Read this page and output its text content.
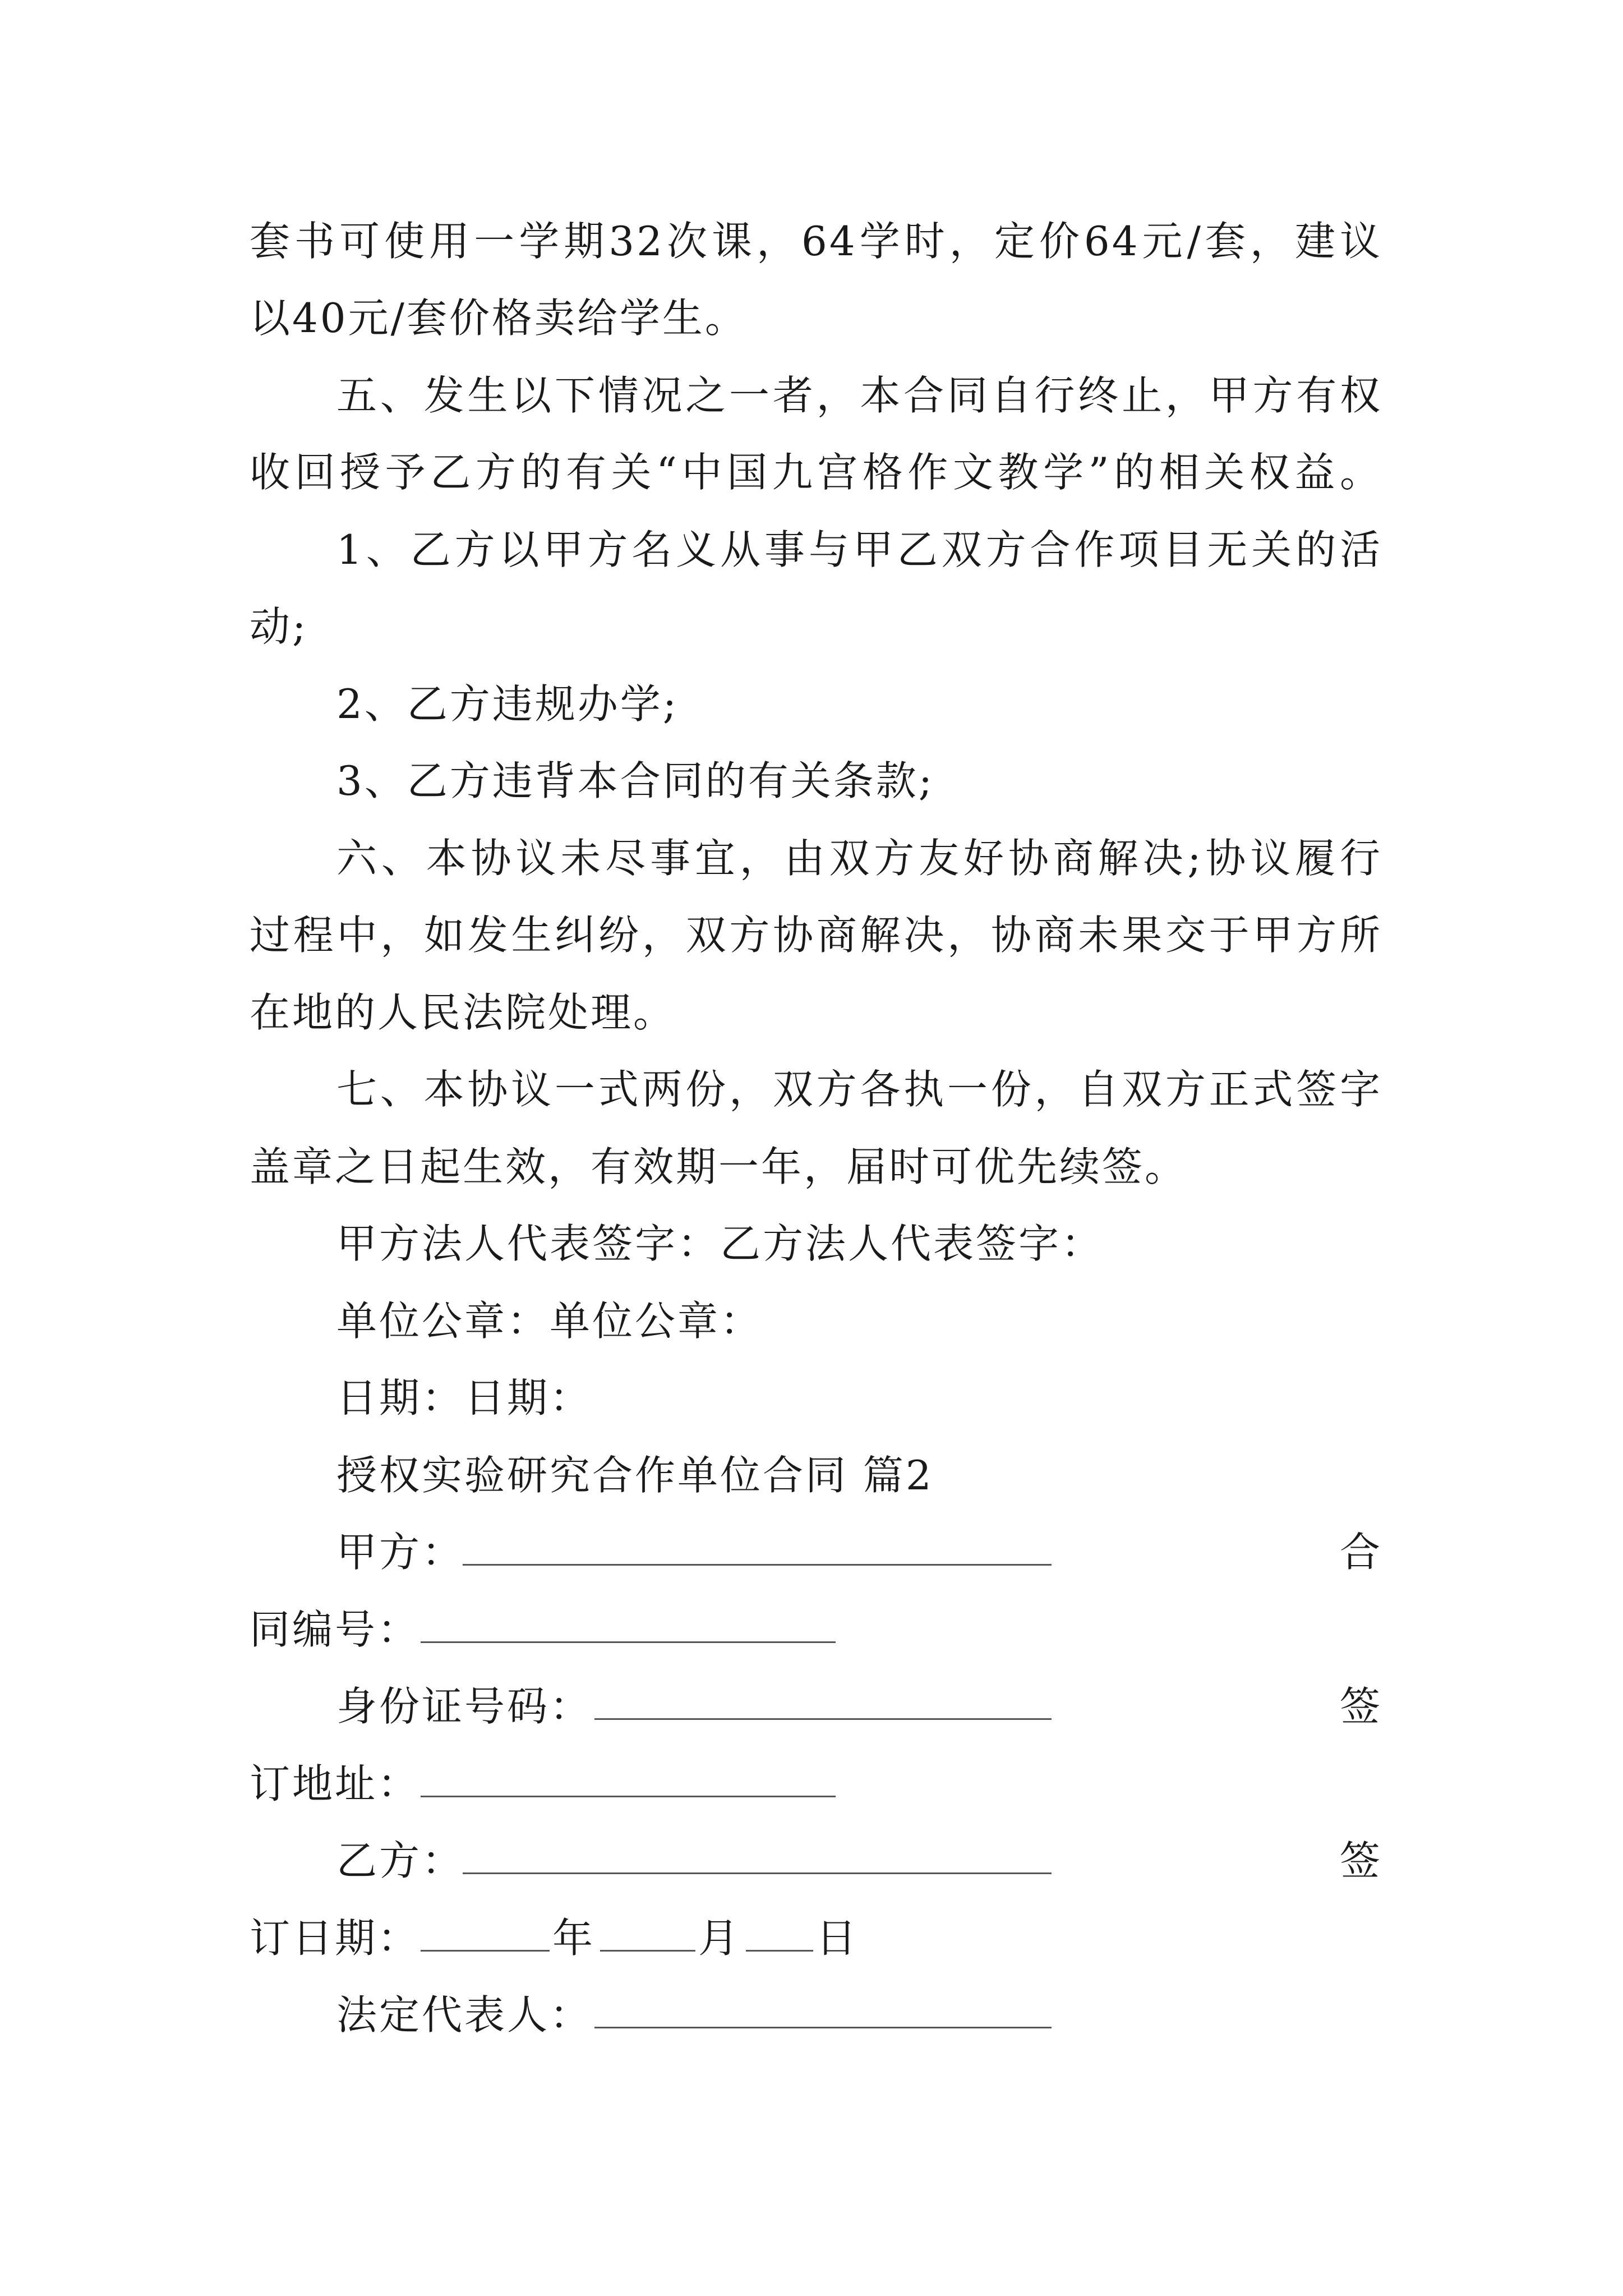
套书可使用一学期32次课，64学时，定价64元/套，建议
以40元/套价格卖给学生。
五、发生以下情况之一者，本合同自行终止，甲方有权
收回授予乙方的有关“中国九宫格作文教学”的相关权益。
1、乙方以甲方名义从事与甲乙双方合作项目无关的活
动;
2、乙方违规办学;
3、乙方违背本合同的有关条款;
六、本协议未尽事宜，由双方友好协商解决;协议履行
过程中，如发生纠纷，双方协商解决，协商未果交于甲方所
在地的人民法院处理。
七、本协议一式两份，双方各执一份，自双方正式签字
盖章之日起生效，有效期一年，届时可优先续签。
甲方法人代表签字：乙方法人代表签字：
单位公章：单位公章：
日期：日期：
授权实验研究合作单位合同 篇2
甲方：	合
同编号：
身份证号码：	签
订地址：
乙方：	签
订日期：	年	月 日
法定代表人：
